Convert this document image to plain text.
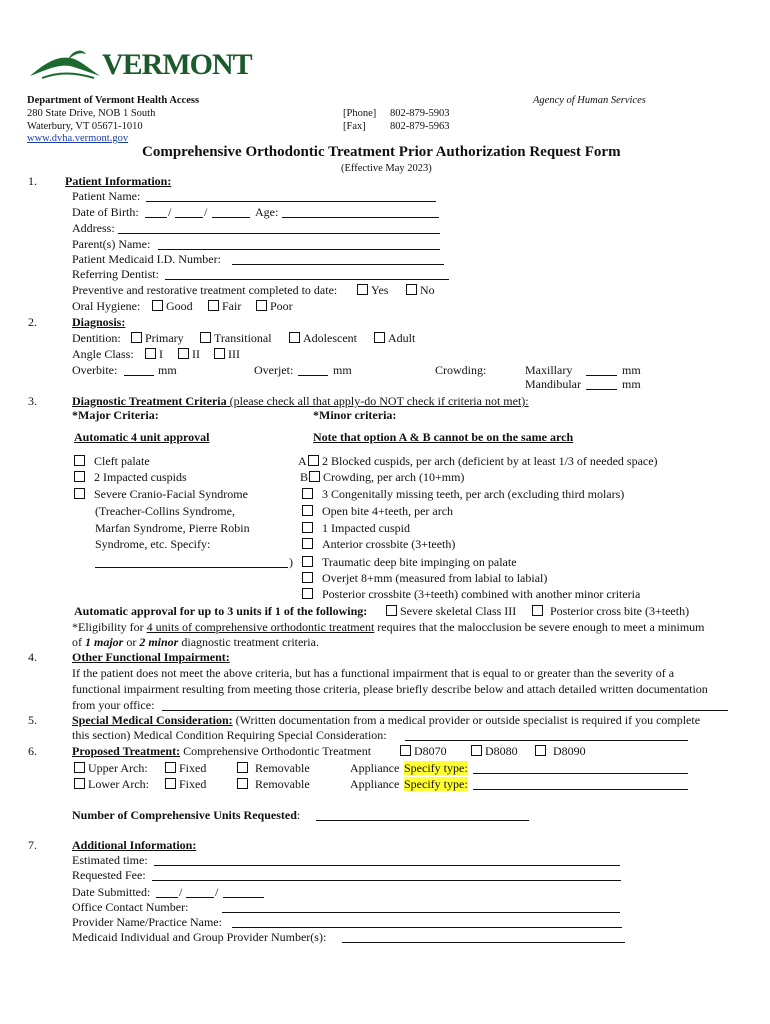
VERMONT
Department of Vermont Health Access	Agency of Human Services
280 State Drive, NOB 1 South
Waterbury, VT 05671-1010
www.dvha.vermont.gov
[Phone] 802-879-5903
[Fax] 802-879-5963
Comprehensive Orthodontic Treatment Prior Authorization Request Form
(Effective May 2023)
1. Patient Information:
Patient Name:
Date of Birth: /	/	Age:
Address:
Parent(s) Name:
Patient Medicaid I.D. Number:
Referring Dentist:
Preventive and restorative treatment completed to date:	Yes	No
Oral Hygiene:	Good	Fair	Poor
2.	Diagnosis:
Dentition:	Primary	Transitional	Adolescent	Adult
Angle Class:	I	II	III
Overbite:	mm	Overjet:	mm	Crowding:	Maxillary	mm
Mandibular	mm
3.	Diagnostic Treatment Criteria (please check all that apply-do NOT check if criteria not met):
*Major Criteria:	*Minor criteria:
Automatic 4 unit approval	Note that option A & B cannot be on the same arch
Cleft palate
2 Impacted cuspids
Severe Cranio-Facial Syndrome
(Treacher-Collins Syndrome,
Marfan Syndrome, Pierre Robin
Syndrome, etc. Specify:
)
A	2 Blocked cuspids, per arch (deficient by at least 1/3 of needed space)
B	Crowding, per arch (10+mm)
3 Congenitally missing teeth, per arch (excluding third molars)
Open bite 4+teeth, per arch
1 Impacted cuspid
Anterior crossbite (3+teeth)
Traumatic deep bite impinging on palate
Overjet 8+mm (measured from labial to labial)
Posterior crossbite (3+teeth) combined with another minor criteria
Automatic approval for up to 3 units if 1 of the following:	Severe skeletal Class III	Posterior cross bite (3+teeth)
*Eligibility for 4 units of comprehensive orthodontic treatment requires that the malocclusion be severe enough to meet a minimum
of 1 major or 2 minor diagnostic treatment criteria.
4.	Other Functional Impairment:
If the patient does not meet the above criteria, but has a functional impairment that is equal to or greater than the severity of a
functional impairment resulting from meeting those criteria, please briefly describe below and attach detailed written documentation
from your office:
5.	Special Medical Consideration: (Written documentation from a medical provider or outside specialist is required if you complete
this section) Medical Condition Requiring Special Consideration:
6.	Proposed Treatment: Comprehensive Orthodontic Treatment	D8070	D8080	D8090
Upper Arch:	Fixed	Removable	Appliance Specify type:
Lower Arch:	Fixed	Removable	Appliance Specify type:
Number of Comprehensive Units Requested:
7.	Additional Information:
Estimated time:
Requested Fee:
Date Submitted: /	/
Office Contact Number:
Provider Name/Practice Name:
Medicaid Individual and Group Provider Number(s):
